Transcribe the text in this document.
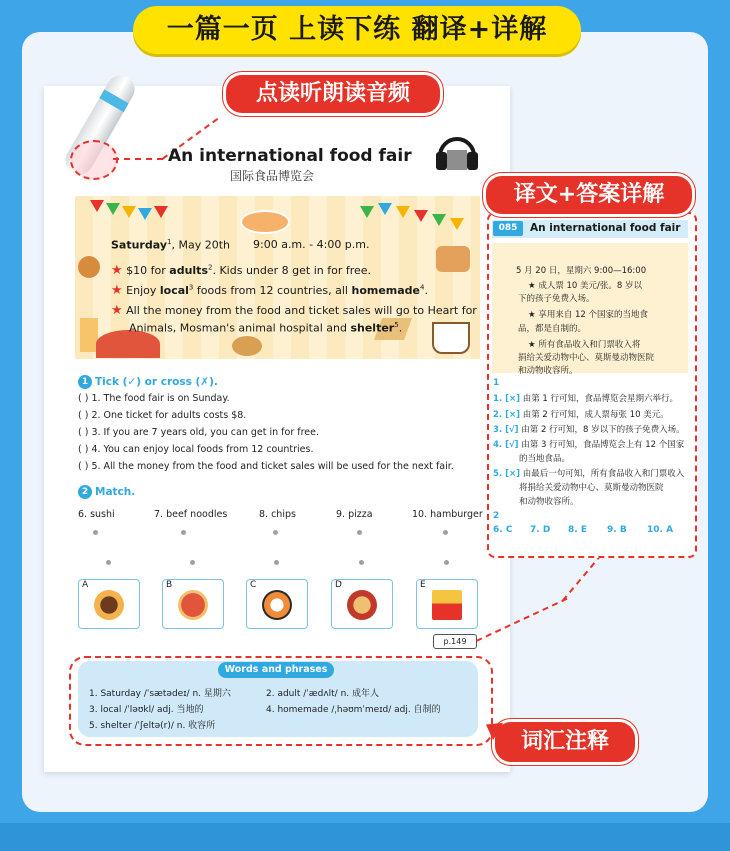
一篇一页 上读下练 翻译+详解
点读听朗读音频
An international food fair
国际食品博览会
Saturday$^1$, May 20th 9:00 a.m. - 4:00 p.m.
★ $10 for adults$^2$. Kids under 8 get in for free.
★ Enjoy local$^3$ foods from 12 countries, all homemade$^4$.
★ All the money from the food and ticket sales will go to Heart for
Animals, Mosman's animal hospital and shelter$^5$.
1 Tick (✓) or cross (✗).
( ) 1. The food fair is on Sunday.
( ) 2. One ticket for adults costs $8.
( ) 3. If you are 7 years old, you can get in for free.
( ) 4. You can enjoy local foods from 12 countries.
( ) 5. All the money from the food and ticket sales will be used for the next fair.
2 Match.
6. sushi	7. beef noodles	8. chips	9. pizza	10. hamburger
A	B	C	D	E
p.149
Words and phrases
1. Saturday /ˈsætədeɪ/ n. 星期六	2. adult /ˈædʌlt/ n. 成年人
3. local /ˈləʊkl/ adj. 当地的	4. homemade /ˌhəʊmˈmeɪd/ adj. 自制的
5. shelter /ˈʃeltə(r)/ n. 收容所
词汇注释
译文+答案详解
085	An international food fair
5 月 20 日，星期六 9:00—16:00
★ 成人票 10 美元/张。8 岁以
下的孩子免费入场。
★ 享用来自 12 个国家的当地食
品，都是自制的。
★ 所有食品收入和门票收入将
捐给关爱动物中心、莫斯曼动物医院
和动物收容所。
1
1. [×] 由第 1 行可知，食品博览会星期六举行。
2. [×] 由第 2 行可知，成人票每张 10 美元。
3. [√] 由第 2 行可知，8 岁以下的孩子免费入场。
4. [√] 由第 3 行可知，食品博览会上有 12 个国家
的当地食品。
5. [×] 由最后一句可知，所有食品收入和门票收入
将捐给关爱动物中心、莫斯曼动物医院
和动物收容所。
2
6. C 7. D 8. E 9. B 10. A
